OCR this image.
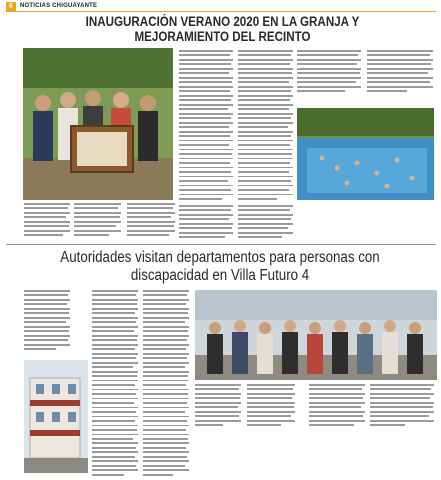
6	NOTICIAS CHIGUAYANTE
INAUGURACIÓN VERANO 2020 EN LA GRANJA Y
MEJORAMIENTO DEL RECINTO
Autoridades visitan departamentos para personas con
discapacidad en Villa Futuro 4
